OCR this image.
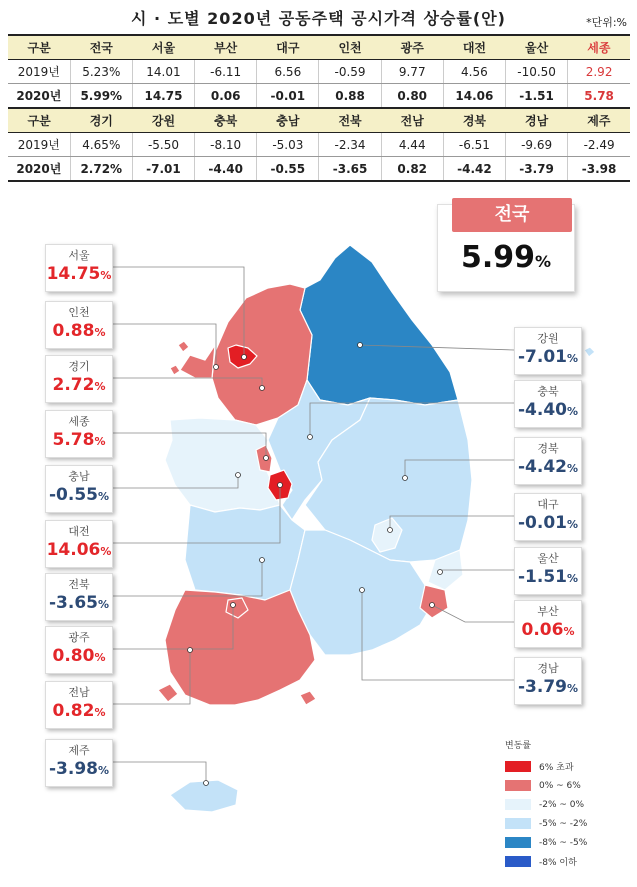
시 · 도별 2020년 공동주택 공시가격 상승률(안)	*단위:%
구분	전국	서울	부산	대구	인천	광주	대전	울산	세종
2019년	5.23%	14.01	-6.11	6.56	-0.59	9.77	4.56	-10.50	2.92
2020년	5.99%	14.75	0.06	-0.01	0.88	0.80	14.06	-1.51	5.78
구분	경기	강원	충북	충남	전북	전남	경북	경남	제주
2019년	4.65%	-5.50	-8.10	-5.03	-2.34	4.44	-6.51	-9.69	-2.49
2020년	2.72%	-7.01	-4.40	-0.55	-3.65	0.82	-4.42	-3.79	-3.98
전국
5.99%
서울
14.75%
인천
0.88%
경기
2.72%
세종
5.78%
충남
-0.55%
대전
14.06%
전북
-3.65%
광주
0.80%
전남
0.82%
제주
-3.98%
강원
-7.01%
충북
-4.40%
경북
-4.42%
대구
-0.01%
울산
-1.51%
부산
0.06%
경남
-3.79%
변동률
6% 초과
0% ~ 6%
-2% ~ 0%
-5% ~ -2%
-8% ~ -5%
-8% 이하
